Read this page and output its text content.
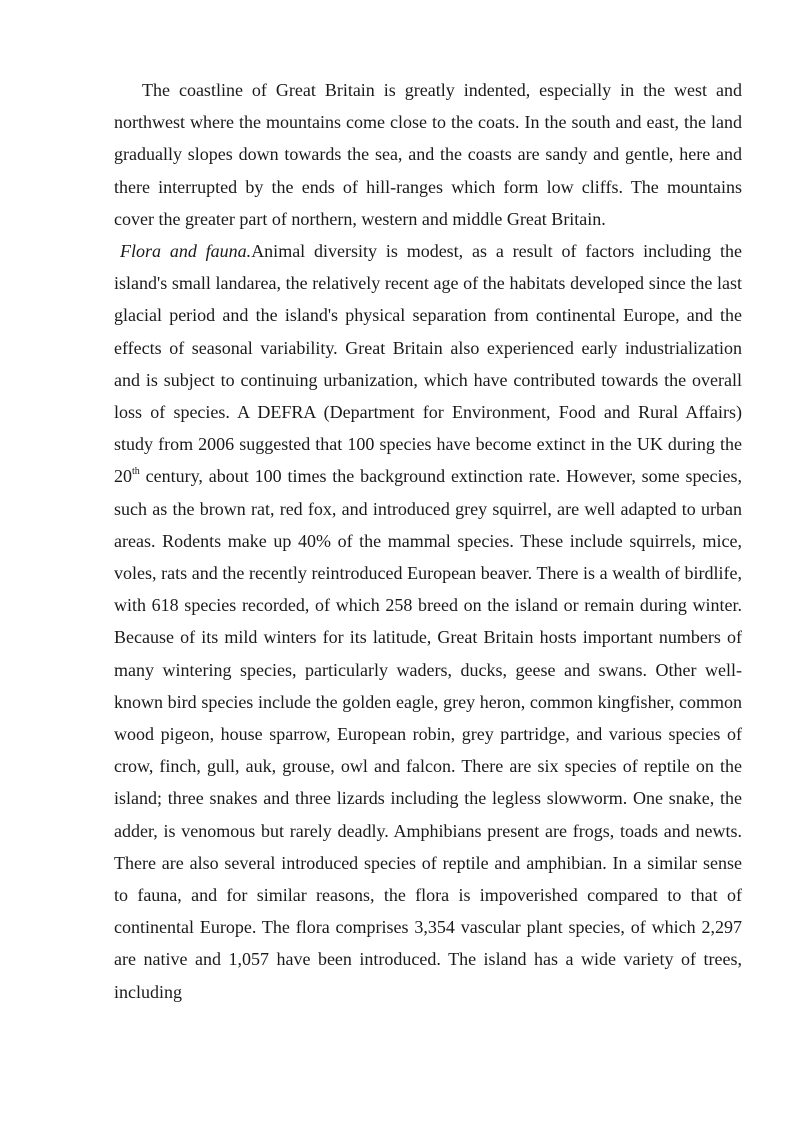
The coastline of Great Britain is greatly indented, especially in the west and northwest where the mountains come close to the coats. In the south and east, the land gradually slopes down towards the sea, and the coasts are sandy and gentle, here and there interrupted by the ends of hill-ranges which form low cliffs. The mountains cover the greater part of northern, western and middle Great Britain.

Flora and fauna.Animal diversity is modest, as a result of factors including the island's small landarea, the relatively recent age of the habitats developed since the last glacial period and the island's physical separation from continental Europe, and the effects of seasonal variability. Great Britain also experienced early industrialization and is subject to continuing urbanization, which have contributed towards the overall loss of species. A DEFRA (Department for Environment, Food and Rural Affairs) study from 2006 suggested that 100 species have become extinct in the UK during the 20th century, about 100 times the background extinction rate. However, some species, such as the brown rat, red fox, and introduced grey squirrel, are well adapted to urban areas. Rodents make up 40% of the mammal species. These include squirrels, mice, voles, rats and the recently reintroduced European beaver. There is a wealth of birdlife, with 618 species recorded, of which 258 breed on the island or remain during winter. Because of its mild winters for its latitude, Great Britain hosts important numbers of many wintering species, particularly waders, ducks, geese and swans. Other well-known bird species include the golden eagle, grey heron, common kingfisher, common wood pigeon, house sparrow, European robin, grey partridge, and various species of crow, finch, gull, auk, grouse, owl and falcon. There are six species of reptile on the island; three snakes and three lizards including the legless slowworm. One snake, the adder, is venomous but rarely deadly. Amphibians present are frogs, toads and newts. There are also several introduced species of reptile and amphibian. In a similar sense to fauna, and for similar reasons, the flora is impoverished compared to that of continental Europe. The flora comprises 3,354 vascular plant species, of which 2,297 are native and 1,057 have been introduced. The island has a wide variety of trees, including
